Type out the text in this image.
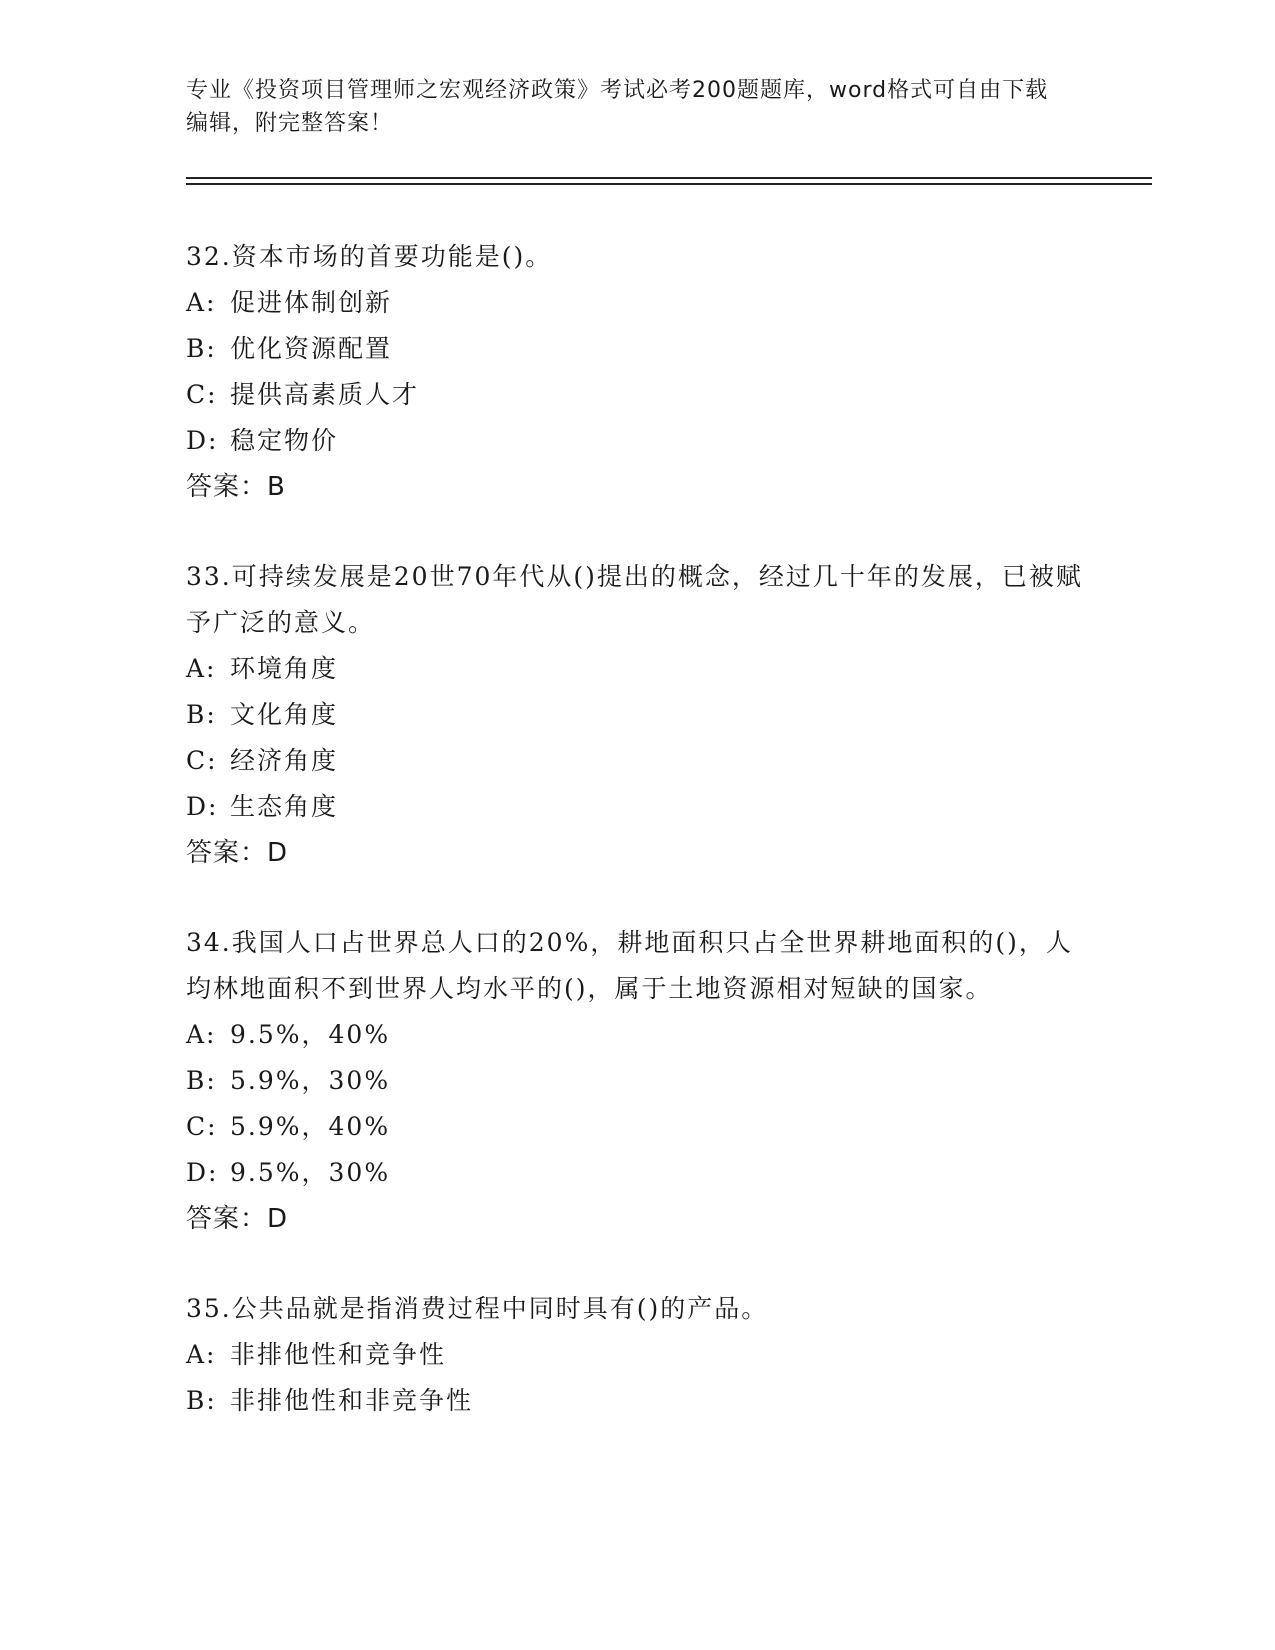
专业《投资项目管理师之宏观经济政策》考试必考200题题库，word格式可自由下载编辑，附完整答案！

32.资本市场的首要功能是()。

A: 促进体制创新

B: 优化资源配置

C: 提供高素质人才

D: 稳定物价

答案：B

33.可持续发展是20世70年代从()提出的概念，经过几十年的发展，已被赋予广泛的意义。

A: 环境角度

B: 文化角度

C: 经济角度

D: 生态角度

答案：D

34.我国人口占世界总人口的20%，耕地面积只占全世界耕地面积的()，人均林地面积不到世界人均水平的()，属于土地资源相对短缺的国家。

A: 9.5%，40%

B: 5.9%，30%

C: 5.9%，40%

D: 9.5%，30%

答案：D

35.公共品就是指消费过程中同时具有()的产品。

A: 非排他性和竞争性

B: 非排他性和非竞争性
